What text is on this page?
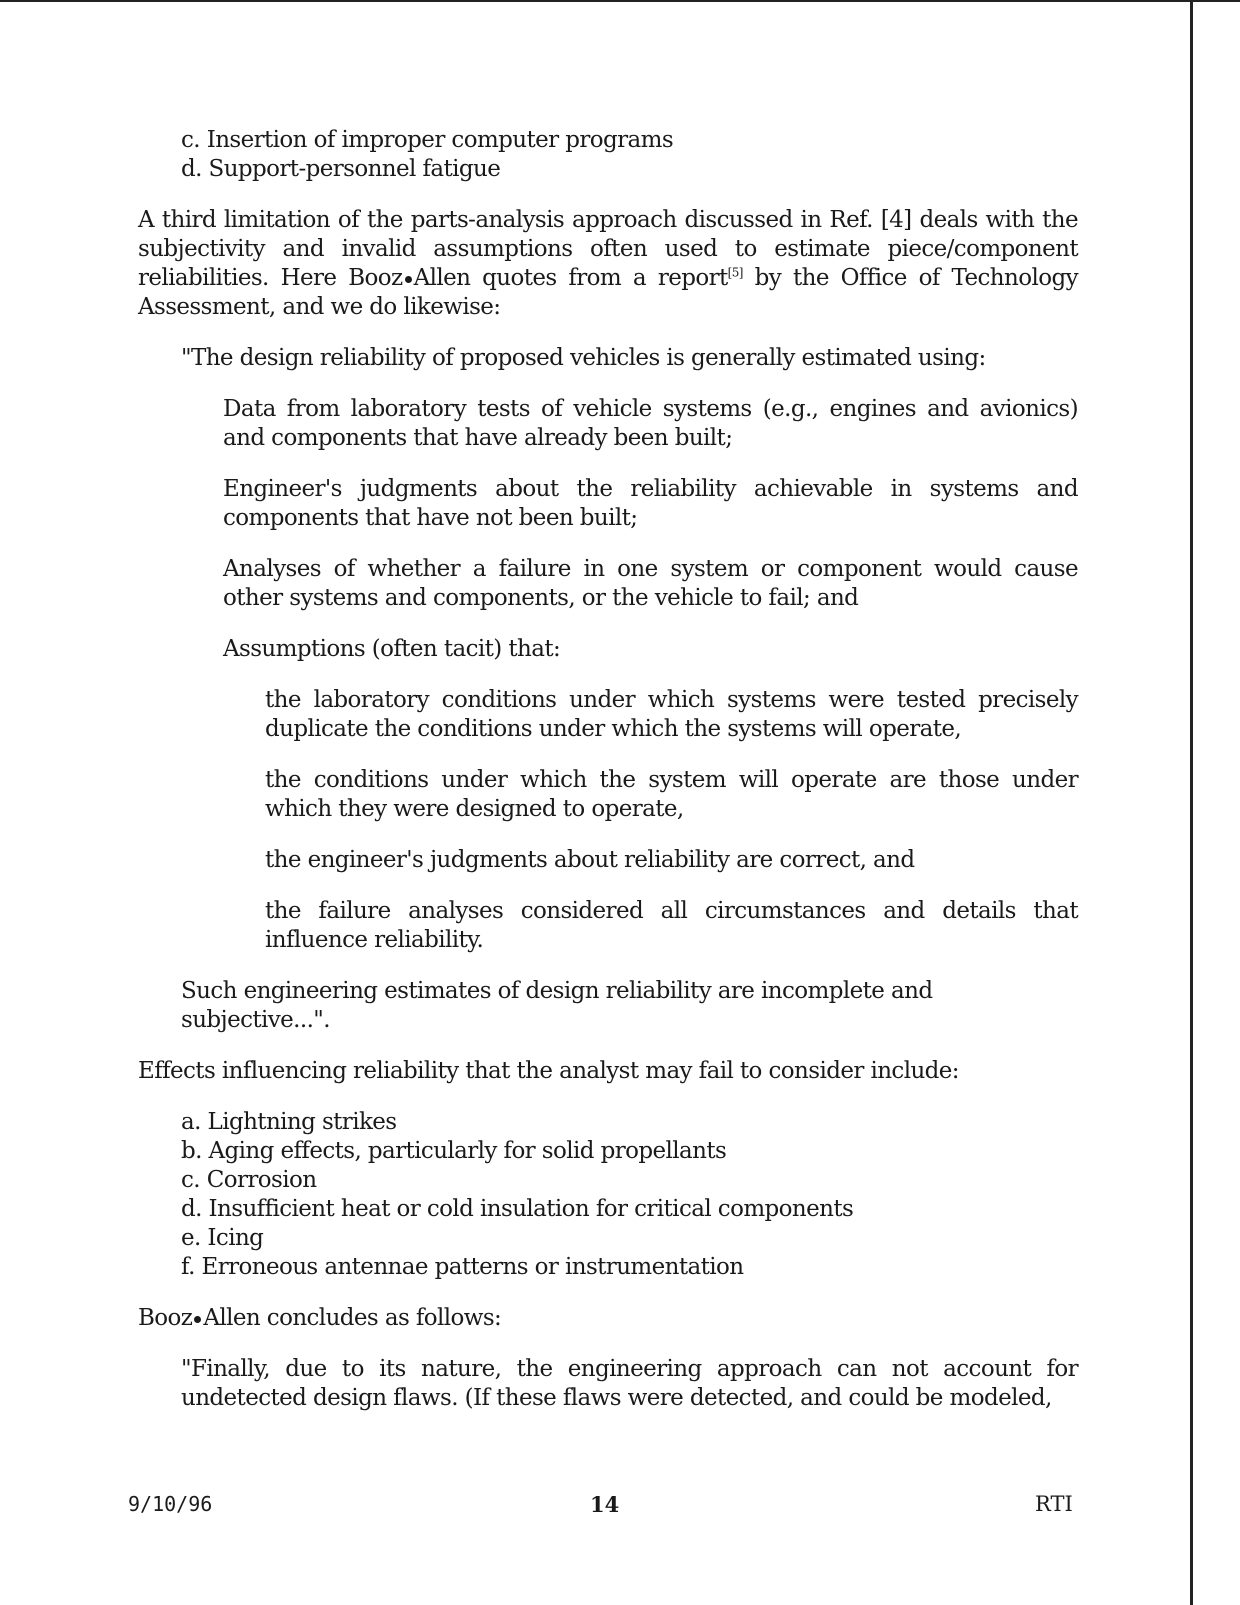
c. Insertion of improper computer programs
d. Support-personnel fatigue

A third limitation of the parts-analysis approach discussed in Ref. [4] deals with the subjectivity and invalid assumptions often used to estimate piece/component reliabilities. Here Booz Allen quotes from a report[5] by the Office of Technology Assessment, and we do likewise:

"The design reliability of proposed vehicles is generally estimated using:

Data from laboratory tests of vehicle systems (e.g., engines and avionics) and components that have already been built;

Engineer's judgments about the reliability achievable in systems and components that have not been built;

Analyses of whether a failure in one system or component would cause other systems and components, or the vehicle to fail; and

Assumptions (often tacit) that:

the laboratory conditions under which systems were tested precisely duplicate the conditions under which the systems will operate,

the conditions under which the system will operate are those under which they were designed to operate,

the engineer's judgments about reliability are correct, and

the failure analyses considered all circumstances and details that influence reliability.

Such engineering estimates of design reliability are incomplete and subjective...".

Effects influencing reliability that the analyst may fail to consider include:

a. Lightning strikes
b. Aging effects, particularly for solid propellants
c. Corrosion
d. Insufficient heat or cold insulation for critical components
e. Icing
f. Erroneous antennae patterns or instrumentation

Booz Allen concludes as follows:

"Finally, due to its nature, the engineering approach can not account for undetected design flaws. (If these flaws were detected, and could be modeled,

9/10/96	14	RTI
